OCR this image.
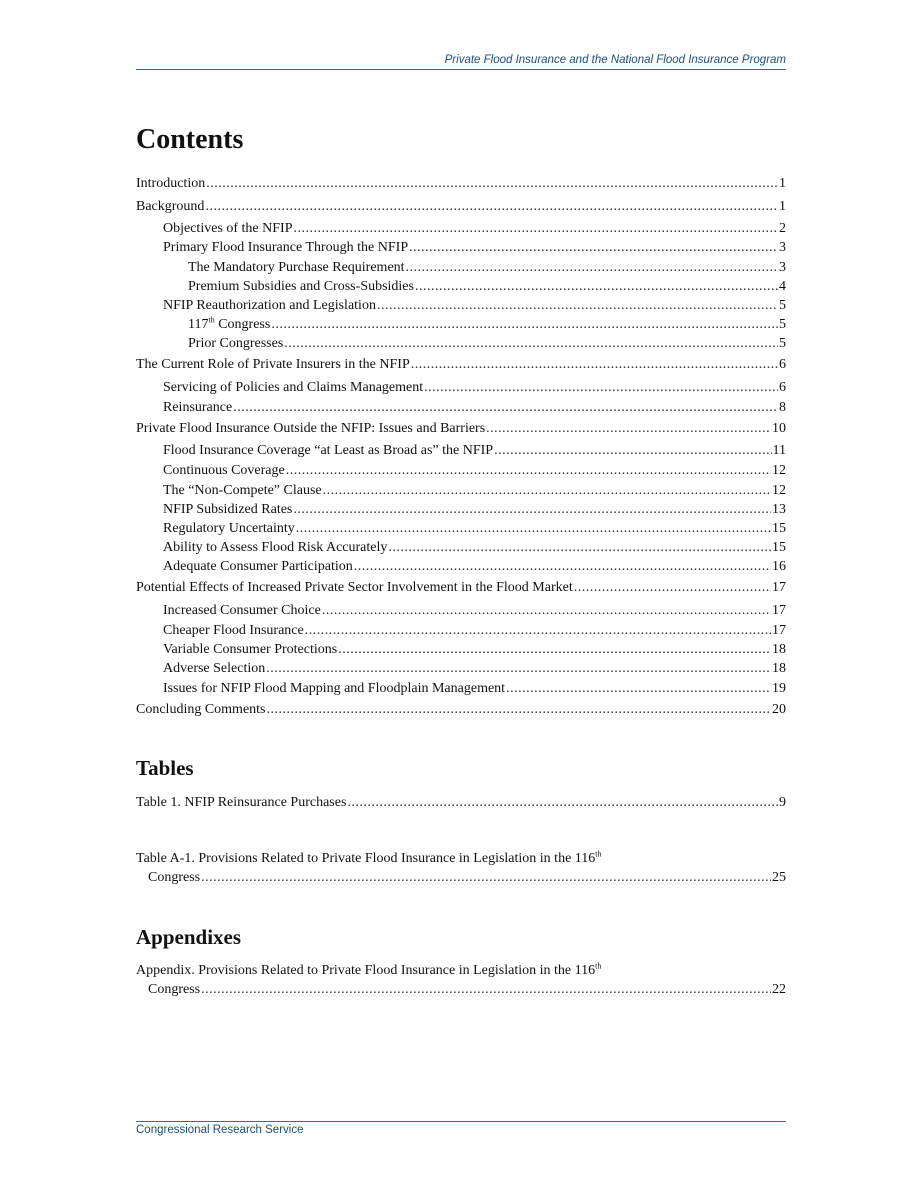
Private Flood Insurance and the National Flood Insurance Program
Contents
Introduction .....	1
Background .....	1
Objectives of the NFIP .....	2
Primary Flood Insurance Through the NFIP .....	3
The Mandatory Purchase Requirement .....	3
Premium Subsidies and Cross-Subsidies .....	4
NFIP Reauthorization and Legislation .....	5
117th Congress .....	5
Prior Congresses .....	5
The Current Role of Private Insurers in the NFIP .....	6
Servicing of Policies and Claims Management .....	6
Reinsurance .....	8
Private Flood Insurance Outside the NFIP: Issues and Barriers .....	10
Flood Insurance Coverage “at Least as Broad as” the NFIP .....	11
Continuous Coverage .....	12
The “Non-Compete” Clause .....	12
NFIP Subsidized Rates .....	13
Regulatory Uncertainty .....	15
Ability to Assess Flood Risk Accurately .....	15
Adequate Consumer Participation .....	16
Potential Effects of Increased Private Sector Involvement in the Flood Market .....	17
Increased Consumer Choice .....	17
Cheaper Flood Insurance .....	17
Variable Consumer Protections .....	18
Adverse Selection .....	18
Issues for NFIP Flood Mapping and Floodplain Management .....	19
Concluding Comments .....	20
Tables
Table 1. NFIP Reinsurance Purchases .....	9
Table A-1. Provisions Related to Private Flood Insurance in Legislation in the 116th
Congress .....	25
Appendixes
Appendix. Provisions Related to Private Flood Insurance in Legislation in the 116th
Congress .....	22
Congressional Research Service
